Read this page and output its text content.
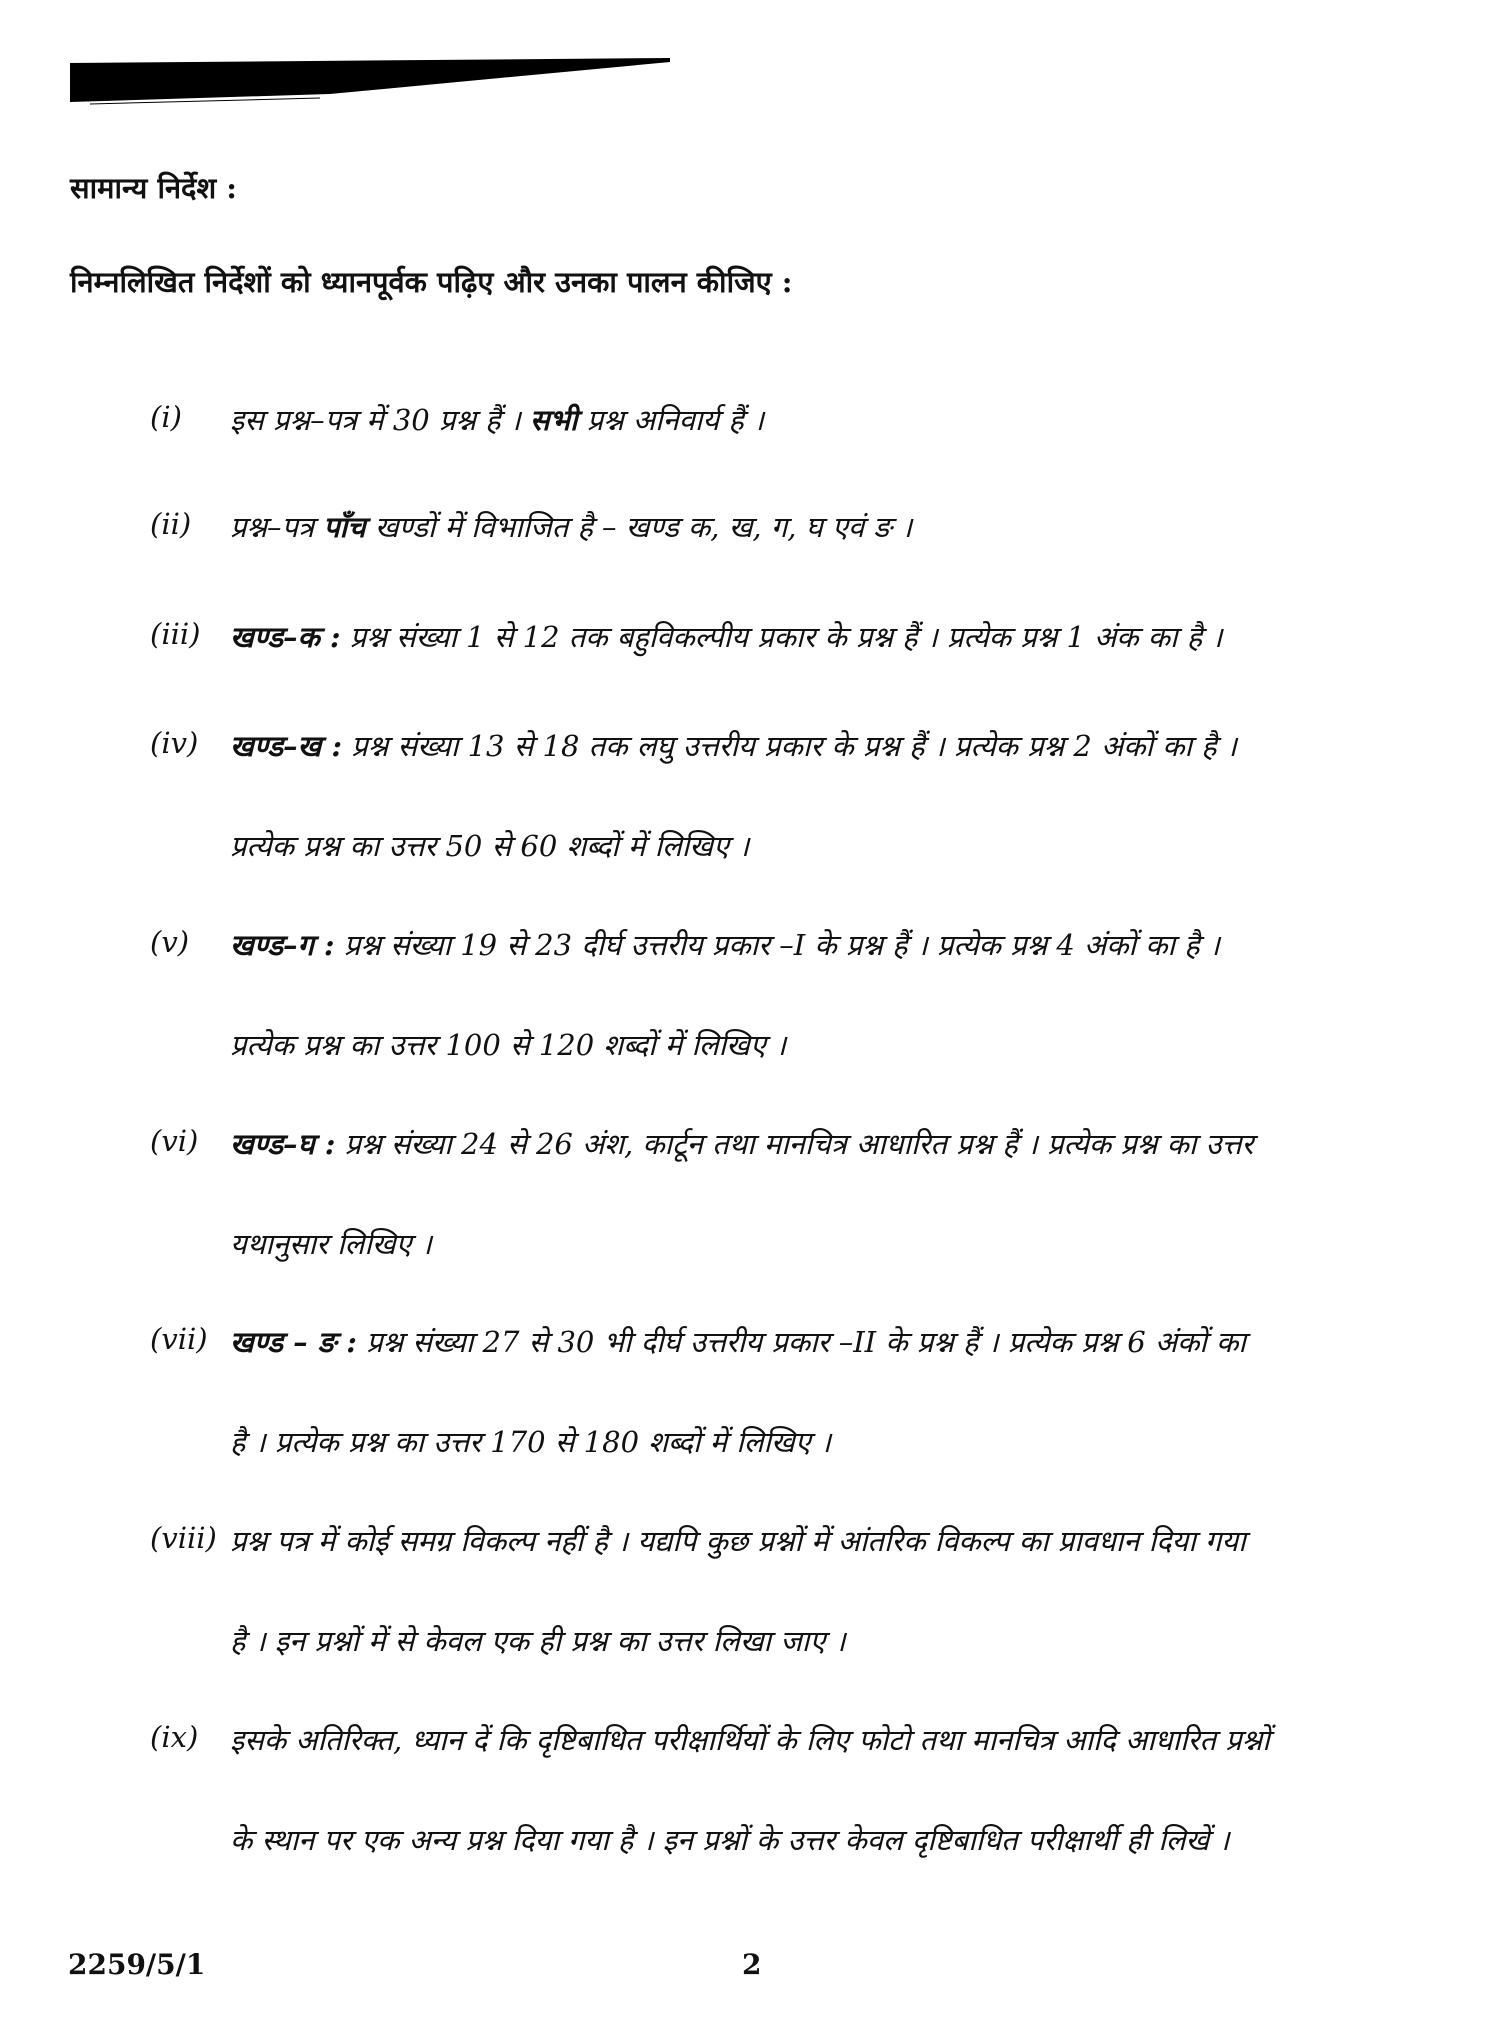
सामान्य निर्देश :
निम्नलिखित निर्देशों को ध्यानपूर्वक पढ़िए और उनका पालन कीजिए :
(i) इस प्रश्न–पत्र में 30 प्रश्न हैं । सभी प्रश्न अनिवार्य हैं ।
(ii) प्रश्न–पत्र पाँच खण्डों में विभाजित है – खण्ड क, ख, ग, घ एवं ङ ।
(iii) खण्ड–क : प्रश्न संख्या 1 से 12 तक बहुविकल्पीय प्रकार के प्रश्न हैं । प्रत्येक प्रश्न 1 अंक का है ।
(iv) खण्ड–ख : प्रश्न संख्या 13 से 18 तक लघु उत्तरीय प्रकार के प्रश्न हैं । प्रत्येक प्रश्न 2 अंकों का है ।
प्रत्येक प्रश्न का उत्तर 50 से 60 शब्दों में लिखिए ।
(v) खण्ड–ग : प्रश्न संख्या 19 से 23 दीर्घ उत्तरीय प्रकार –I के प्रश्न हैं । प्रत्येक प्रश्न 4 अंकों का है ।
प्रत्येक प्रश्न का उत्तर 100 से 120 शब्दों में लिखिए ।
(vi) खण्ड–घ : प्रश्न संख्या 24 से 26 अंश, कार्टून तथा मानचित्र आधारित प्रश्न हैं । प्रत्येक प्रश्न का उत्तर
यथानुसार लिखिए ।
(vii) खण्ड – ङ : प्रश्न संख्या 27 से 30 भी दीर्घ उत्तरीय प्रकार –II के प्रश्न हैं । प्रत्येक प्रश्न 6 अंकों का
है । प्रत्येक प्रश्न का उत्तर 170 से 180 शब्दों में लिखिए ।
(viii) प्रश्न पत्र में कोई समग्र विकल्प नहीं है । यद्यपि कुछ प्रश्नों में आंतरिक विकल्प का प्रावधान दिया गया
है । इन प्रश्नों में से केवल एक ही प्रश्न का उत्तर लिखा जाए ।
(ix) इसके अतिरिक्त, ध्यान दें कि दृष्टिबाधित परीक्षार्थियों के लिए फोटो तथा मानचित्र आदि आधारित प्रश्नों
के स्थान पर एक अन्य प्रश्न दिया गया है । इन प्रश्नों के उत्तर केवल दृष्टिबाधित परीक्षार्थी ही लिखें ।
2259/5/1	2
